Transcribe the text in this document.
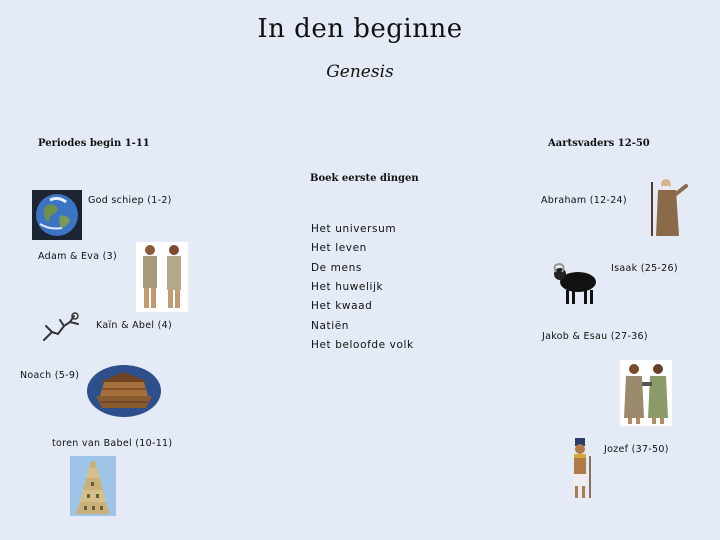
In den beginne
Genesis
Periodes begin 1-11
God schiep (1-2)
Adam & Eva (3)
Kaïn & Abel (4)
Noach (5-9)
toren van Babel (10-11)
Boek eerste dingen
Het universum
Het leven
De mens
Het huwelijk
Het kwaad
Natiën
Het beloofde volk
Aartsvaders 12-50
Abraham (12-24)
Isaak (25-26)
Jakob & Esau (27-36)
Jozef (37-50)
